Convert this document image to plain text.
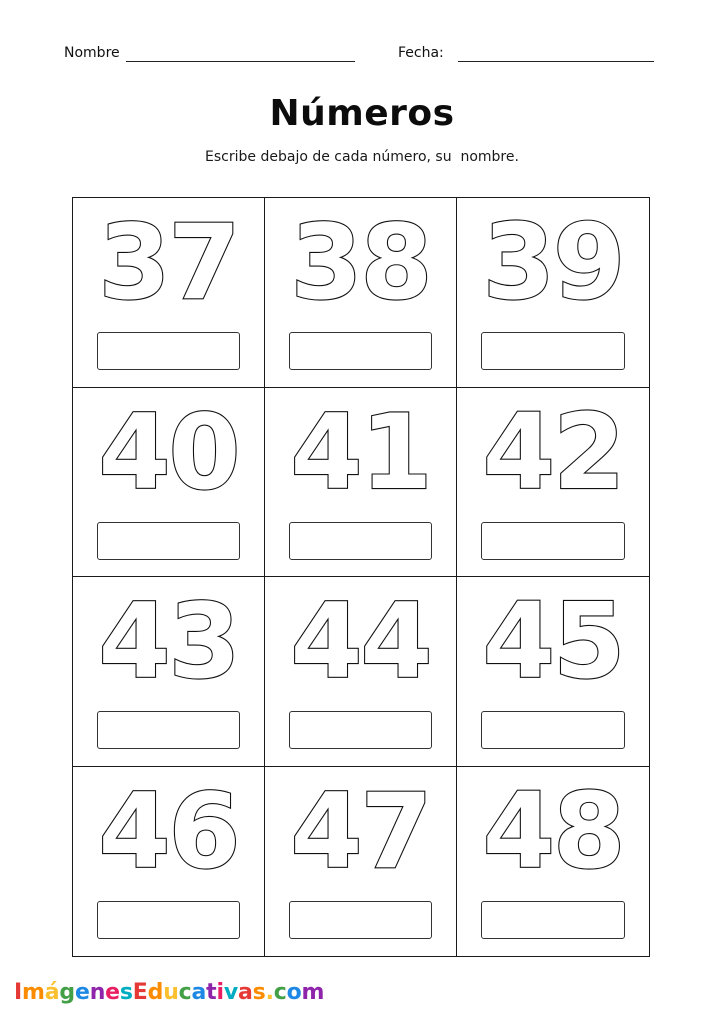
Nombre	Fecha:
Números
Escribe debajo de cada número, su  nombre.
37 38 39
40 41 42
43 44 45
46 47 48
ImágenesEducativas.com
